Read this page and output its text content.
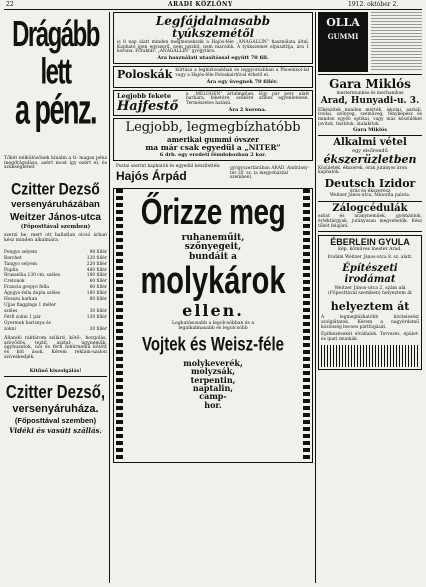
22	ARADI KÖZLÖNY	1912. október 2.
Drágább lett
a pénz.
Tőkét nélkülözőnek kínálm a ti- magas pénz megdrágulása, azért most így ezért el, és szükségleteit
Czitter Dezső
versenyáruházában
Weitzer János-utca
(Főposttával szemben)
szerzi be, mert ott hallatlan olcsó árban kész minden alkalmára.
Pongyo selyem	98 fillér
Barchet	120 fillér
Tangyo selyem	220 fillér
Puplin	480 fillér
Brussellia 130 cm. széles	180 fillér
Cretonok	60 fillér
Francia grepyo fella	80 fillér
Ágygyo-fella dupla széles	180 fillér
Hosszu barkan	80 fillér
Ujjas flaggings 1 méter
széles	30 fillér
Férfi zokni 1 pár	130 fillér
Gyermek harisnya és
zokni	20 fillér
Állandó raktárom szilárd, kötő-, horgolás, szövődös, textil, asztal-, ágyneműk, ágyhuzatok, női és férfi fehérnemű kötött és köt ások. Kérem reklám-szalon szíveskedjék.
Kitűnő kiszolgálás!
Czitter Dezső,
versenyáruháza.
(Főposttával szemben)
Vidéki és vasúti szállás.
Legfájdalmasabb
tyúkszemétől
is 8 nap alatt minden megmenekszik a Hajós-féle „ANAGALLIN” használata által. Kapható igen egyszerű, nem piszkít, nem maródik. A tyúkszemet elpusztítja, ára 1 korona. Főraktár: „ANAGALLIN” gyógytára.
Ára használati utasítással együtt 70 fill.
Poloskák kiirtása a legbiztosabban és leggyorsabban a Phoenixol-lal vagy a Hajós-féle Poloskairtóval érhető el.
Ára egy üvegnek 70 fillér.
Legjobb fekete
Hajfestő
a „MELOGEN” ártalmatlan. Egy pár perc alatt barnára, feketére, szőkére színez egyenletesen. Természetes hatású.
Ára 2 korona.
Legjobb, legmegbízhatóbb
amerikai gummi óvszer
ma már csak egyedül a „NITER”
6 drb. egy eredeti fémdobozban 2 kor.
Postai szerint kaphatók és egyedül készítették:
Hajós Árpád
gyógyszertárában ARAD, Andrássy-tér 20. sz. (a megyeházzal szemben).
Őrizze meg
ruhaneműit,
szőnyegeit,
bundáit a
molykárok
ellen.
Leghatásosabb a legolcsóbban és a
legalkalmasabb és legolcsóbb
Vojtek és Weisz-féle
molykeverék,
molyzsák,
terpentin,
naptalin,
camp-
hor.
OLLA
GUMMI
Gara Miklós
mestermunkás és mechanikus
Arad, Hunyadi-u. 3.
Elkészítek minden mérték, iskolai, asztali, irodai, szőnyeg, szemüveg, fényképész és minden egyéb optikai, vagy más készüléket javítok, tisztítok, átalakítok.
Gara Miklós
Alkalmi vétel
egy elsőrendű
ékszerüzletben
Közületek, ékszerek, órák jutányos áron kaphatók.
Deutsch Izidor
órás és ékszerész
Weitzer János-utca, Minorita palota.
Zálogcédulák
ezüst és aranyneműek, gyémántok, értéktárgyak, jutányosan megvehetők. Kész tőkét felajánl.
ÉBERLEIN GYULA
kép. kőműves mester Arad.
Irodám Weitzer János-utca 8. sz. alatt.
Építészeti irodámat
Weitzer János-utca 2. szám alá (Főposttával szemben) helyeztem át
helyeztem át
A legmegbízhatóbb kivitelezést szolgáltatok. Kérem a nagyérdemű közönség becses pártfogását.
Építkezéseket elvállalok. Tervezés, épület- és ipari munkák.
